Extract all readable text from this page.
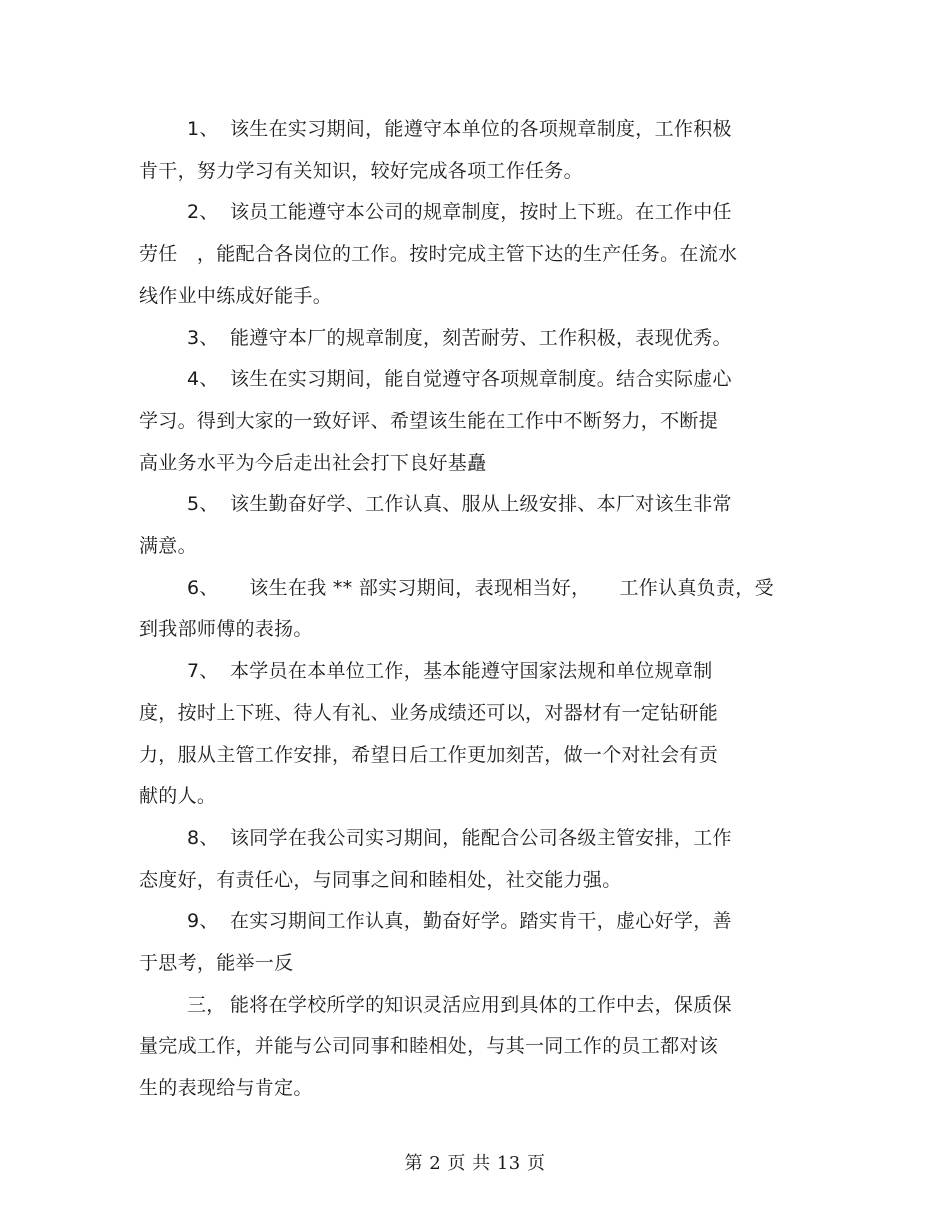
1、 该生在实习期间，能遵守本单位的各项规章制度，工作积极
肯干，努力学习有关知识，较好完成各项工作任务。
2、 该员工能遵守本公司的规章制度，按时上下班。在工作中任
劳任　，能配合各岗位的工作。按时完成主管下达的生产任务。在流水
线作业中练成好能手。
3、 能遵守本厂的规章制度，刻苦耐劳、工作积极，表现优秀。
4、 该生在实习期间，能自觉遵守各项规章制度。结合实际虚心
学习。得到大家的一致好评、希望该生能在工作中不断努力，不断提
高业务水平为今后走出社会打下良好基矗
5、 该生勤奋好学、工作认真、服从上级安排、本厂对该生非常
满意。
6、　该生在我 ** 部实习期间，表现相当好，　　工作认真负责，受
到我部师傅的表扬。
7、 本学员在本单位工作，基本能遵守国家法规和单位规章制
度，按时上下班、待人有礼、业务成绩还可以，对器材有一定钻研能
力，服从主管工作安排，希望日后工作更加刻苦，做一个对社会有贡
献的人。
8、 该同学在我公司实习期间，能配合公司各级主管安排，工作
态度好，有责任心，与同事之间和睦相处，社交能力强。
9、 在实习期间工作认真，勤奋好学。踏实肯干，虚心好学，善
于思考，能举一反
三， 能将在学校所学的知识灵活应用到具体的工作中去，保质保
量完成工作，并能与公司同事和睦相处，与其一同工作的员工都对该
生的表现给与肯定。
第 2 页 共 13 页
